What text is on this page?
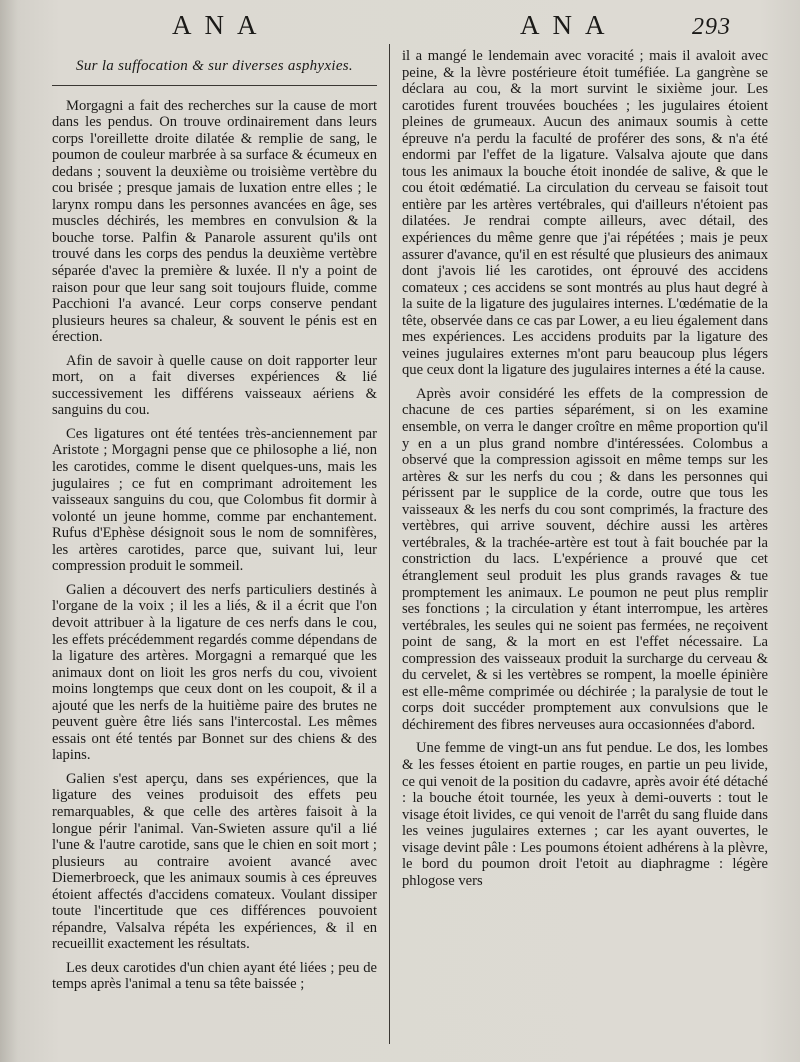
ANA	ANA	293
Sur la suffocation & sur diverses asphyxies.

Morgagni a fait des recherches sur la cause de mort dans les pendus. On trouve ordinairement dans leurs corps l'oreillette droite dilatée & remplie de sang, le poumon de couleur marbrée à sa surface & écumeux en dedans ; souvent la deuxième ou troisième vertèbre du cou brisée ; presque jamais de luxation entre elles ; le larynx rompu dans les personnes avancées en âge, ses muscles déchirés, les membres en convulsion & la bouche torse. Palfin & Panarole assurent qu'ils ont trouvé dans les corps des pendus la deuxième vertèbre séparée d'avec la première & luxée. Il n'y a point de raison pour que leur sang soit toujours fluide, comme Pacchioni l'a avancé. Leur corps conserve pendant plusieurs heures sa chaleur, & souvent le pénis est en érection.

Afin de savoir à quelle cause on doit rapporter leur mort, on a fait diverses expériences & lié successivement les différens vaisseaux aériens & sanguins du cou.

Ces ligatures ont été tentées très-anciennement par Aristote ; Morgagni pense que ce philosophe a lié, non les carotides, comme le disent quelques-uns, mais les jugulaires ; ce fut en comprimant adroitement les vaisseaux sanguins du cou, que Colombus fit dormir à volonté un jeune homme, comme par enchantement. Rufus d'Ephèse désignoit sous le nom de somnifères, les artères carotides, parce que, suivant lui, leur compression produit le sommeil.

Galien a découvert des nerfs particuliers destinés à l'organe de la voix ; il les a liés, & il a écrit que l'on devoit attribuer à la ligature de ces nerfs dans le cou, les effets précédemment regardés comme dépendans de la ligature des artères. Morgagni a remarqué que les animaux dont on lioit les gros nerfs du cou, vivoient moins longtemps que ceux dont on les coupoit, & il a ajouté que les nerfs de la huitième paire des brutes ne peuvent guère être liés sans l'intercostal. Les mêmes essais ont été tentés par Bonnet sur des chiens & des lapins.

Galien s'est aperçu, dans ses expériences, que la ligature des veines produisoit des effets peu remarquables, & que celle des artères faisoit à la longue périr l'animal. Van-Swieten assure qu'il a lié l'une & l'autre carotide, sans que le chien en soit mort ; plusieurs au contraire avoient avancé avec Diemerbroeck, que les animaux soumis à ces épreuves étoient affectés d'accidens comateux. Voulant dissiper toute l'incertitude que ces différences pouvoient répandre, Valsalva répéta les expériences, & il en recueillit exactement les résultats.

Les deux carotides d'un chien ayant été liées ; peu de temps après l'animal a tenu sa tête baissée ;

il a mangé le lendemain avec voracité ; mais il avaloit avec peine, & la lèvre postérieure étoit tuméfiée. La gangrène se déclara au cou, & la mort survint le sixième jour. Les carotides furent trouvées bouchées ; les jugulaires étoient pleines de grumeaux. Aucun des animaux soumis à cette épreuve n'a perdu la faculté de proférer des sons, & n'a été endormi par l'effet de la ligature. Valsalva ajoute que dans tous les animaux la bouche étoit inondée de salive, & que le cou étoit œdématié. La circulation du cerveau se faisoit tout entière par les artères vertébrales, qui d'ailleurs n'étoient pas dilatées. Je rendrai compte ailleurs, avec détail, des expériences du même genre que j'ai répétées ; mais je peux assurer d'avance, qu'il en est résulté que plusieurs des animaux dont j'avois lié les carotides, ont éprouvé des accidens comateux ; ces accidens se sont montrés au plus haut degré à la suite de la ligature des jugulaires internes. L'œdématie de la tête, observée dans ce cas par Lower, a eu lieu également dans mes expériences. Les accidens produits par la ligature des veines jugulaires externes m'ont paru beaucoup plus légers que ceux dont la ligature des jugulaires internes a été la cause.

Après avoir considéré les effets de la compression de chacune de ces parties séparément, si on les examine ensemble, on verra le danger croître en même proportion qu'il y en a un plus grand nombre d'intéressées. Colombus a observé que la compression agissoit en même temps sur les artères & sur les nerfs du cou ; & dans les personnes qui périssent par le supplice de la corde, outre que tous les vaisseaux & les nerfs du cou sont comprimés, la fracture des vertèbres, qui arrive souvent, déchire aussi les artères vertébrales, & la trachée-artère est tout à fait bouchée par la constriction du lacs. L'expérience a prouvé que cet étranglement seul produit les plus grands ravages & tue promptement les animaux. Le poumon ne peut plus remplir ses fonctions ; la circulation y étant interrompue, les artères vertébrales, les seules qui ne soient pas fermées, ne reçoivent point de sang, & la mort en est l'effet nécessaire. La compression des vaisseaux produit la surcharge du cerveau & du cervelet, & si les vertèbres se rompent, la moelle épinière est elle-même comprimée ou déchirée ; la paralysie de tout le corps doit succéder promptement aux convulsions que le déchirement des fibres nerveuses aura occasionnées d'abord.

Une femme de vingt-un ans fut pendue. Le dos, les lombes & les fesses étoient en partie rouges, en partie un peu livide, ce qui venoit de la position du cadavre, après avoir été détaché : la bouche étoit tournée, les yeux à demi-ouverts : tout le visage étoit livides, ce qui venoit de l'arrêt du sang fluide dans les veines jugulaires externes ; car les ayant ouvertes, le visage devint pâle : Les poumons étoient adhérens à la plèvre, le bord du poumon droit l'etoit au diaphragme : légère phlogose vers
